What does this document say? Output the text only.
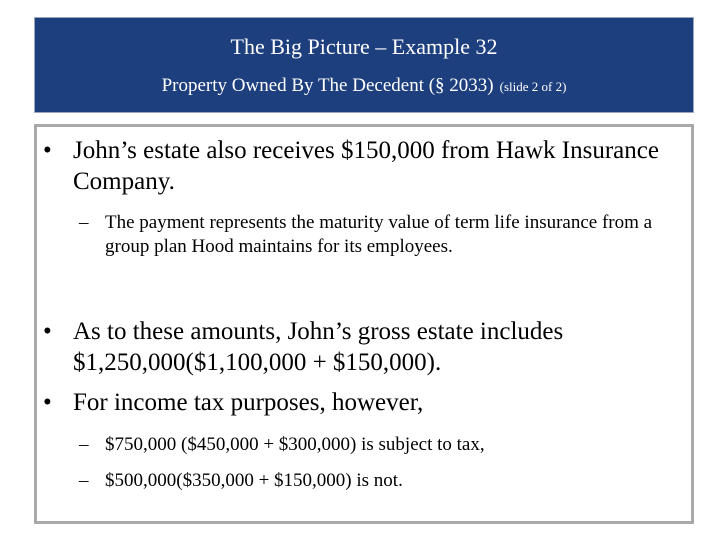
The Big Picture – Example 32
Property Owned By The Decedent (§ 2033) (slide 2 of 2)

• John’s estate also receives $150,000 from Hawk Insurance Company.

– The payment represents the maturity value of term life insurance from a group plan Hood maintains for its employees.

• As to these amounts, John’s gross estate includes $1,250,000($1,100,000 + $150,000).

• For income tax purposes, however,

– $750,000 ($450,000 + $300,000) is subject to tax,

– $500,000($350,000 + $150,000) is not.
